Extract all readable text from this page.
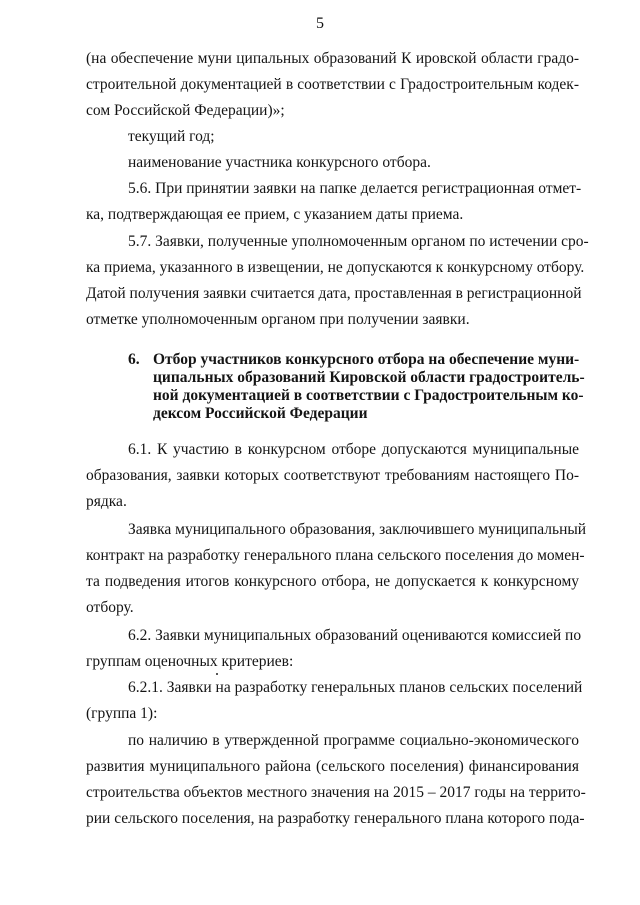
5
(на обеспечение муни ципальных образований К ировской области градо-
строительной документацией в соответствии с Градостроительным кодек-
сом Российской Федерации)»;
текущий год;
наименование участника конкурсного отбора.
5.6. При принятии заявки на папке делается регистрационная отмет-
ка, подтверждающая ее прием, с указанием даты приема.
5.7. Заявки, полученные уполномоченным органом по истечении сро-
ка приема, указанного в извещении, не допускаются к конкурсному отбору.
Датой получения заявки считается дата, проставленная в регистрационной
отметке уполномоченным органом при получении заявки.
6. Отбор участников конкурсного отбора на обеспечение муни-
ципальных образований Кировской области градостроитель-
ной документацией в соответствии с Градостроительным ко-
дексом Российской Федерации
6.1. К участию в конкурсном отборе допускаются муниципальные
образования, заявки которых соответствуют требованиям настоящего По-
рядка.
Заявка муниципального образования, заключившего муниципальный
контракт на разработку генерального плана сельского поселения до момен-
та подведения итогов конкурсного отбора, не допускается к конкурсному
отбору.
6.2. Заявки муниципальных образований оцениваются комиссией по
группам оценочных критериев:
6.2.1. Заявки на разработку генеральных планов сельских поселений
(группа 1):
по наличию в утвержденной программе социально-экономического
развития муниципального района (сельского поселения) финансирования
строительства объектов местного значения на 2015 – 2017 годы на террито-
рии сельского поселения, на разработку генерального плана которого пода-
